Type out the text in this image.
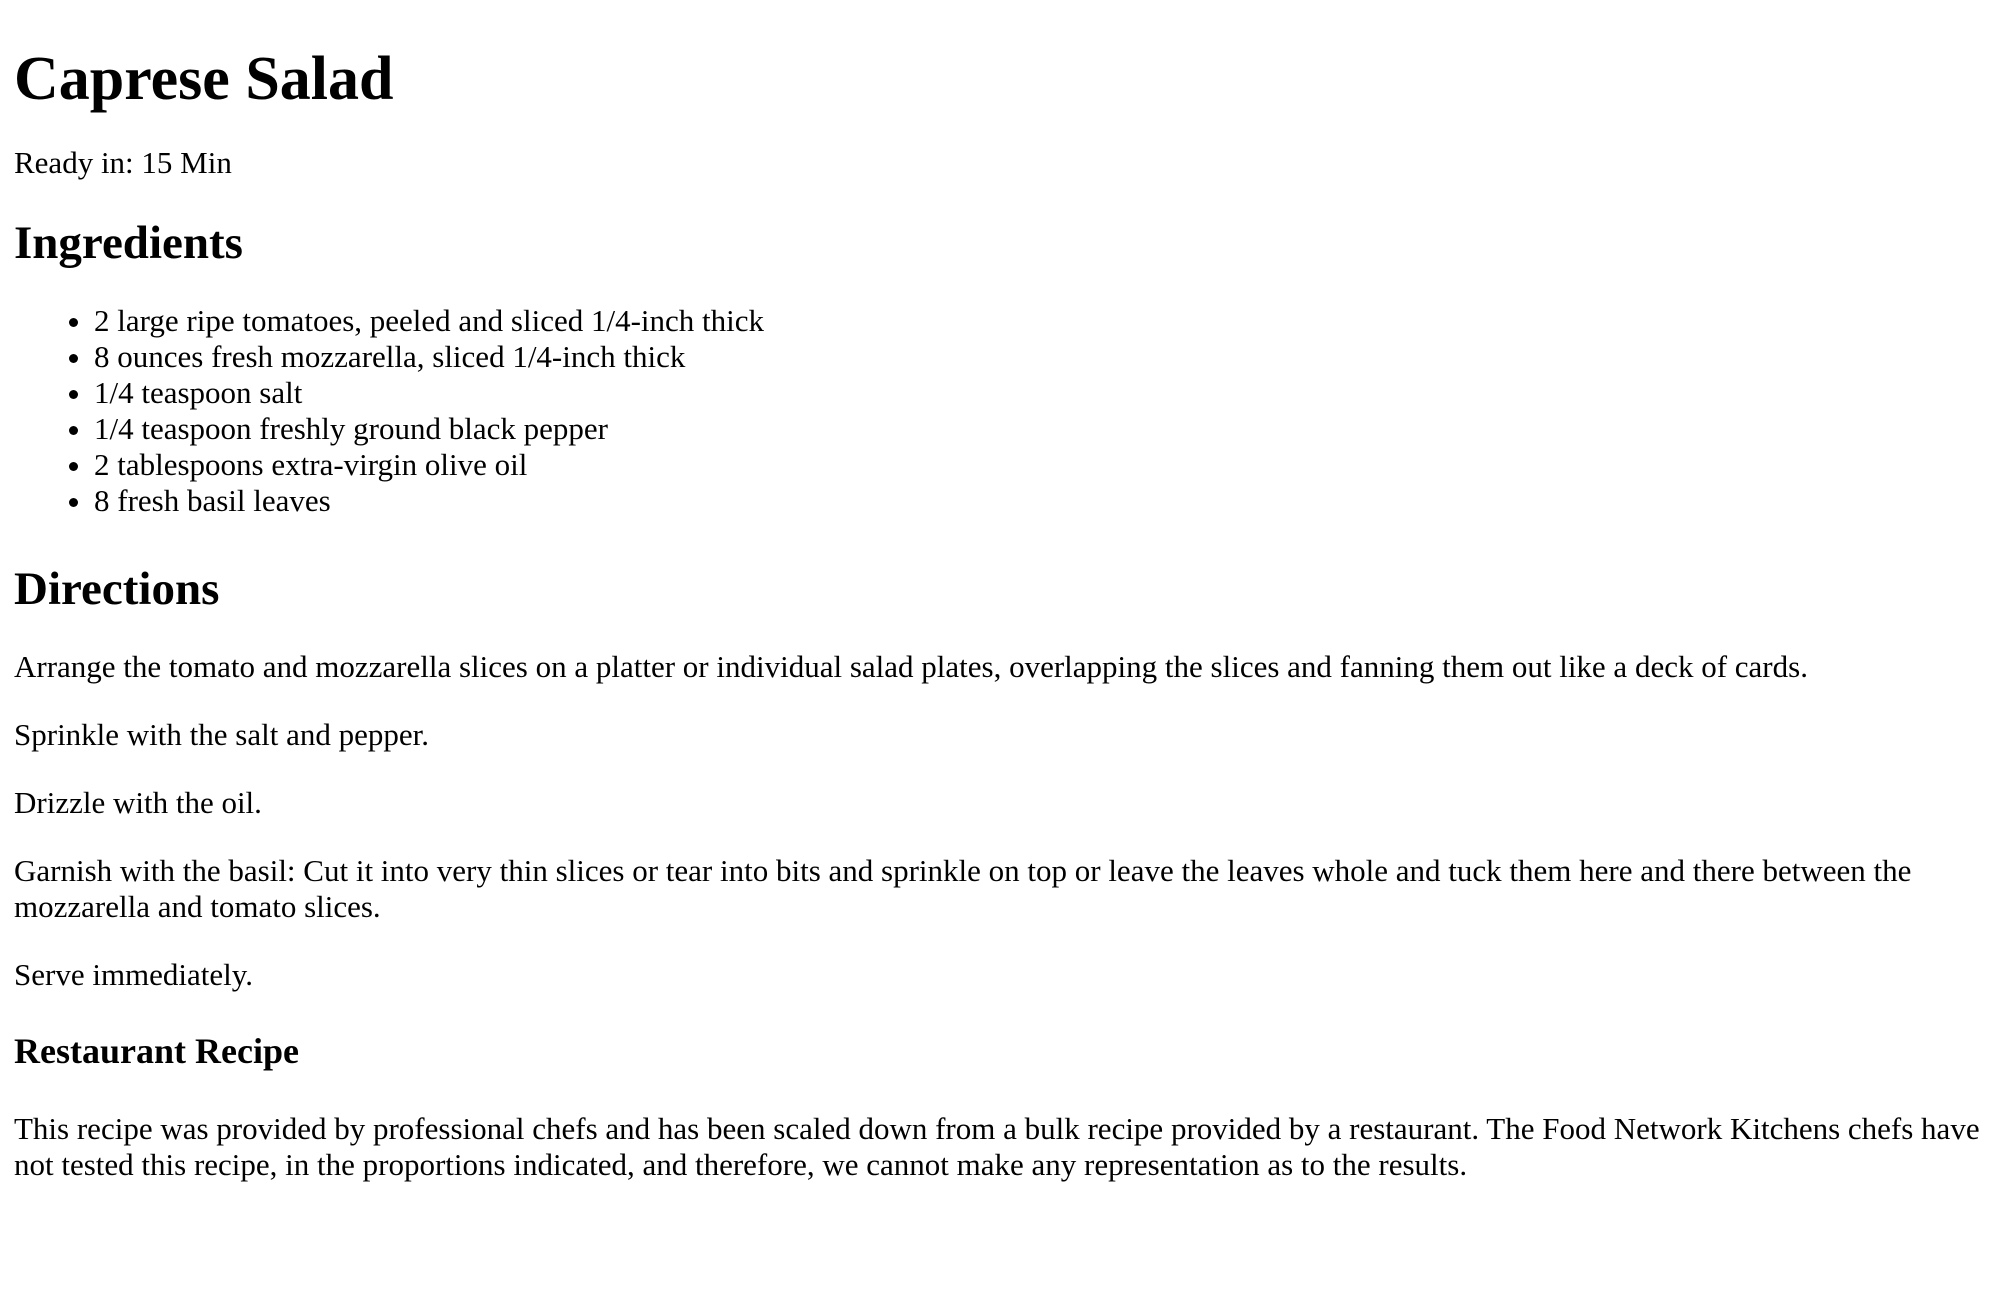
Caprese Salad

Ready in: 15 Min

Ingredients
• 2 large ripe tomatoes, peeled and sliced 1/4-inch thick
• 8 ounces fresh mozzarella, sliced 1/4-inch thick
• 1/4 teaspoon salt
• 1/4 teaspoon freshly ground black pepper
• 2 tablespoons extra-virgin olive oil
• 8 fresh basil leaves
Directions

Arrange the tomato and mozzarella slices on a platter or individual salad plates, overlapping the slices and fanning them out like a deck of cards.

Sprinkle with the salt and pepper.

Drizzle with the oil.

Garnish with the basil: Cut it into very thin slices or tear into bits and sprinkle on top or leave the leaves whole and tuck them here and there between the mozzarella and tomato slices.

Serve immediately.

Restaurant Recipe

This recipe was provided by professional chefs and has been scaled down from a bulk recipe provided by a restaurant. The Food Network Kitchens chefs have not tested this recipe, in the proportions indicated, and therefore, we cannot make any representation as to the results.
